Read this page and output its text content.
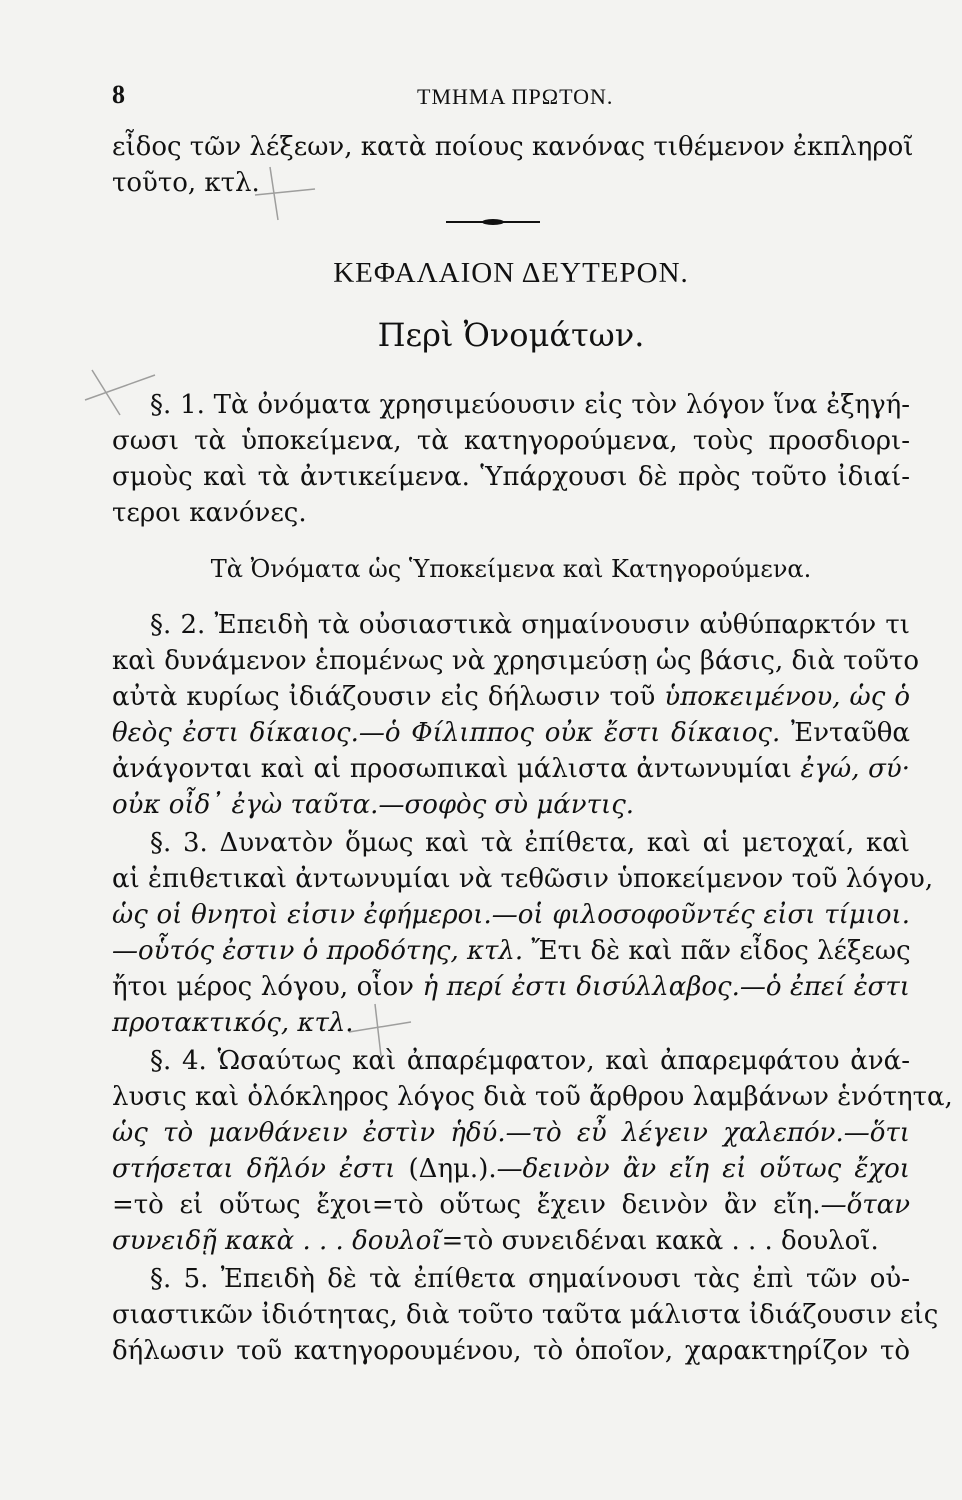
8	ΤΜΗΜΑ ΠΡΩΤΟΝ.
εἶδος τῶν λέξεων, κατὰ ποίους κανόνας τιθέμενον ἐκπληροῖ
τοῦτο, κτλ.
ΚΕΦΑΛΑΙΟΝ ΔΕΥΤΕΡΟΝ.
Περὶ Ὀνομάτων.
§. 1. Τὰ ὀνόματα χρησιμεύουσιν εἰς τὸν λόγον ἵνα ἐξηγή-
σωσι τὰ ὑποκείμενα, τὰ κατηγορούμενα, τοὺς προσδιορι-
σμοὺς καὶ τὰ ἀντικείμενα. Ὑπάρχουσι δὲ πρὸς τοῦτο ἰδιαί-
τεροι κανόνες.
Τὰ Ὀνόματα ὡς Ὑποκείμενα καὶ Κατηγορούμενα.
§. 2. Ἐπειδὴ τὰ οὐσιαστικὰ σημαίνουσιν αὐθύπαρκτόν τι
καὶ δυνάμενον ἑπομένως νὰ χρησιμεύσῃ ὡς βάσις, διὰ τοῦτο
αὐτὰ κυρίως ἰδιάζουσιν εἰς δήλωσιν τοῦ ὑποκειμένου, ὡς ὁ
θεὸς ἐστι δίκαιος.—ὁ Φίλιππος οὐκ ἔστι δίκαιος. Ἐνταῦθα
ἀνάγονται καὶ αἱ προσωπικαὶ μάλιστα ἀντωνυμίαι ἐγώ, σύ·
οὐκ οἶδ᾽ ἐγὼ ταῦτα.—σοφὸς σὺ μάντις.
§. 3. Δυνατὸν ὅμως καὶ τὰ ἐπίθετα, καὶ αἱ μετοχαί, καὶ
αἱ ἐπιθετικαὶ ἀντωνυμίαι νὰ τεθῶσιν ὑποκείμενον τοῦ λόγου,
ὡς οἱ θνητοὶ εἰσιν ἐφήμεροι.—οἱ φιλοσοφοῦντές εἰσι τίμιοι.
—οὗτός ἐστιν ὁ προδότης, κτλ. Ἔτι δὲ καὶ πᾶν εἶδος λέξεως
ἤτοι μέρος λόγου, οἷον ἡ περί ἐστι δισύλλαβος.—ὁ ἐπεί ἐστι
προτακτικός, κτλ.
§. 4. Ὡσαύτως καὶ ἀπαρέμφατον, καὶ ἀπαρεμφάτου ἀνά-
λυσις καὶ ὁλόκληρος λόγος διὰ τοῦ ἄρθρου λαμβάνων ἑνότητα,
ὡς τὸ μανθάνειν ἐστὶν ἡδύ.—τὸ εὖ λέγειν χαλεπόν.—ὅτι
στήσεται δῆλόν ἐστι (Δημ.).—δεινὸν ἂν εἴη εἰ οὕτως ἔχοι
=τὸ εἰ οὕτως ἔχοι=τὸ οὕτως ἔχειν δεινὸν ἂν εἴη.—ὅταν
συνειδῇ κακὰ . . . δουλοῖ=τὸ συνειδέναι κακὰ . . . δουλοῖ.
§. 5. Ἐπειδὴ δὲ τὰ ἐπίθετα σημαίνουσι τὰς ἐπὶ τῶν οὐ-
σιαστικῶν ἰδιότητας, διὰ τοῦτο ταῦτα μάλιστα ἰδιάζουσιν εἰς
δήλωσιν τοῦ κατηγορουμένου, τὸ ὁποῖον, χαρακτηρίζον τὸ
